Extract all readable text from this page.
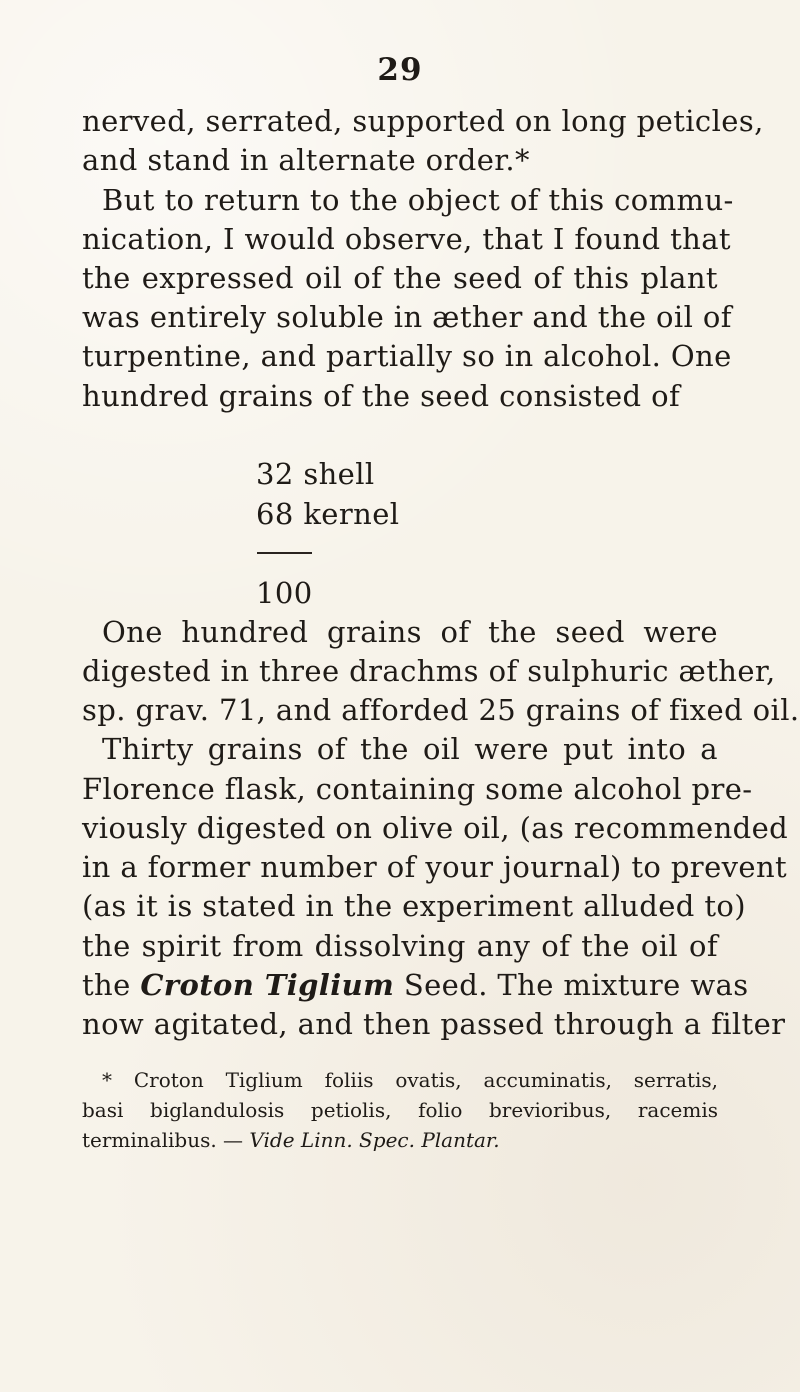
29
nerved, serrated, supported on long peticles,
and stand in alternate order.*
But to return to the object of this commu-
nication, I would observe, that I found that
the expressed oil of the seed of this plant
was entirely soluble in æther and the oil of
turpentine, and partially so in alcohol. One
hundred grains of the seed consisted of
32 shell
68 kernel
100
One hundred grains of the seed were
digested in three drachms of sulphuric æther,
sp. grav. 71, and afforded 25 grains of fixed oil.
Thirty grains of the oil were put into a
Florence flask, containing some alcohol pre-
viously digested on olive oil, (as recommended
in a former number of your journal) to prevent
(as it is stated in the experiment alluded to)
the spirit from dissolving any of the oil of
the Croton Tiglium Seed. The mixture was
now agitated, and then passed through a filter
* Croton Tiglium foliis ovatis, accuminatis, serratis,
basi biglandulosis petiolis, folio brevioribus, racemis
terminalibus. — Vide Linn. Spec. Plantar.
